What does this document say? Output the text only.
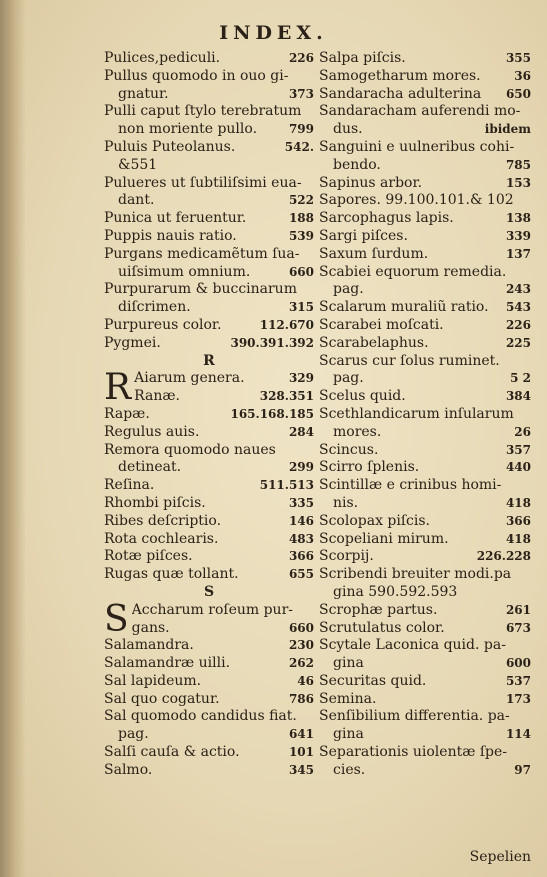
INDEX.
Pulices,pediculi.	226
Pullus quomodo in ouo gi-
gnatur.	373
Pulli caput ſtylo terebratum
non moriente pullo.	799
Puluis Puteolanus.	542.
&551
Pulueres ut ſubtiliſsimi eua-
dant.	522
Punica ut feruentur.	188
Puppis nauis ratio.	539
Purgans medicamẽtum ſua-
uiſsimum omnium.	660
Purpurarum & buccinarum
diſcrimen.	315
Purpureus color.	112.670
Pygmei.	390.391.392
R
R Aiarum genera.	329
Ranæ.	328.351
Rapæ.	165.168.185
Regulus auis.	284
Remora quomodo naues
detineat.	299
Reſina.	511.513
Rhombi piſcis.	335
Ribes deſcriptio.	146
Rota cochlearis.	483
Rotæ piſces.	366
Rugas quæ tollant.	655
S
S Accharum roſeum pur-
gans.	660
Salamandra.	230
Salamandræ uilli.	262
Sal lapideum.	46
Sal quo cogatur.	786
Sal quomodo candidus fiat.
pag.	641
Salſi cauſa & actio.	101
Salmo.	345
Salpa piſcis.	355
Samogetharum mores.	36
Sandaracha adulterina	650
Sandaracham auferendi mo-
dus.	ibidem
Sanguini e uulneribus cohi-
bendo.	785
Sapinus arbor.	153
Sapores. 99.100.101.& 102
Sarcophagus lapis.	138
Sargi piſces.	339
Saxum ſurdum.	137
Scabiei equorum remedia.
pag.	243
Scalarum muraliũ ratio.	543
Scarabei moſcati.	226
Scarabelaphus.	225
Scarus cur ſolus ruminet.
pag.	5 2
Scelus quid.	384
Scethlandicarum inſularum
mores.	26
Scincus.	357
Scirro ſplenis.	440
Scintillæ e crinibus homi-
nis.	418
Scolopax piſcis.	366
Scopeliani mirum.	418
Scorpij.	226.228
Scribendi breuiter modi.pa
gina 590.592.593
Scrophæ partus.	261
Scrutulatus color.	673
Scytale Laconica quid. pa-
gina	600
Securitas quid.	537
Semina.	173
Senſibilium differentia. pa-
gina	114
Separationis uiolentæ ſpe-
cies.	97
Sepelien
